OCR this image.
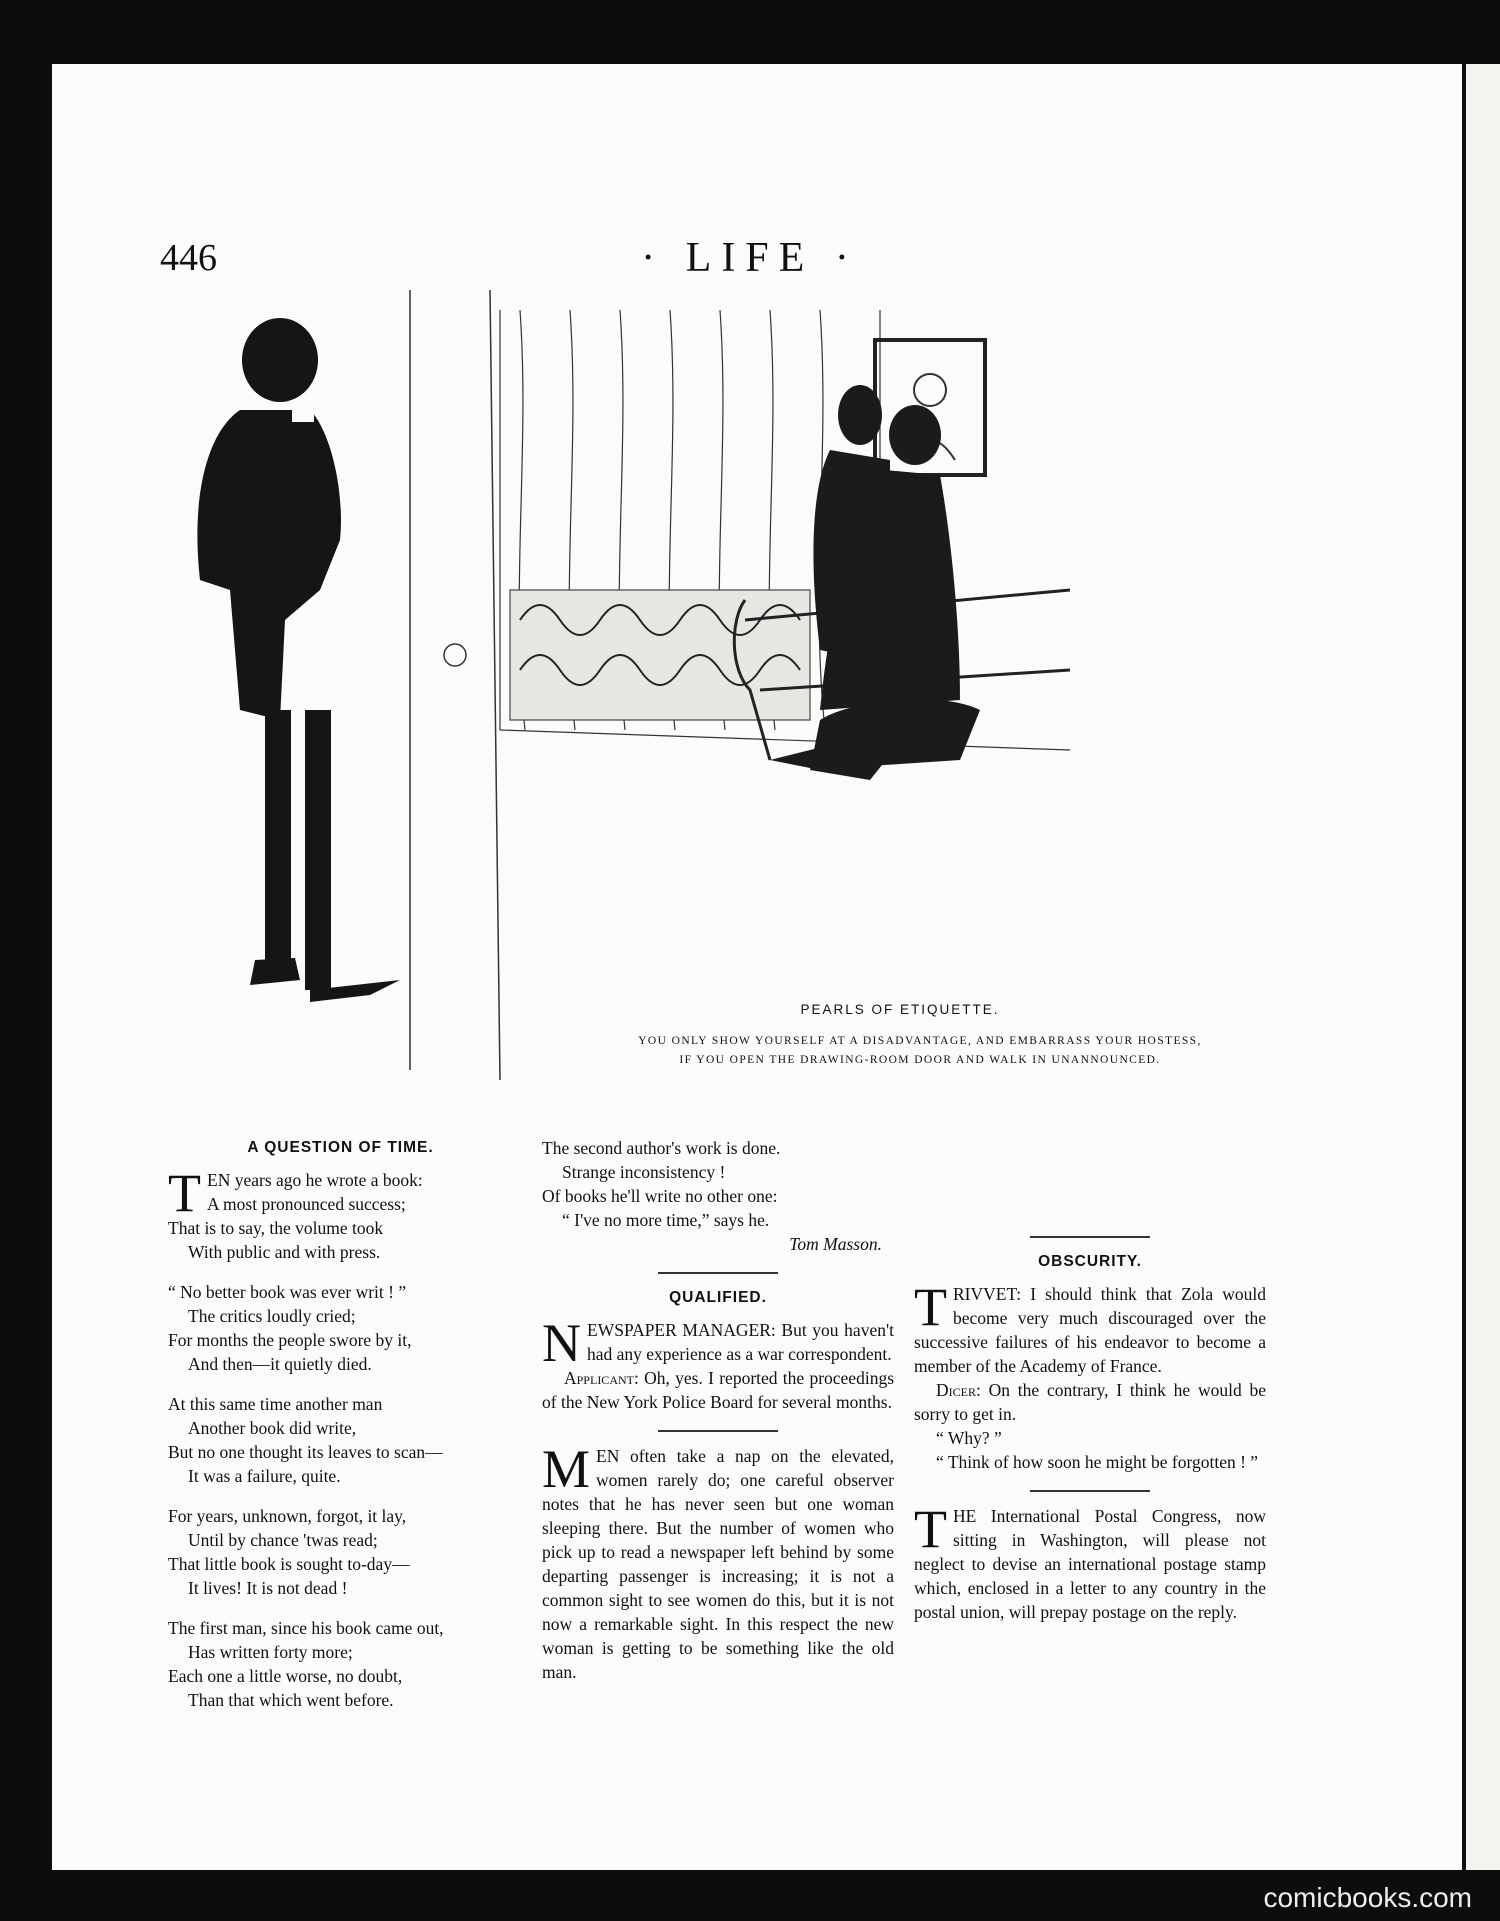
446	· LIFE ·
PEARLS OF ETIQUETTE.
YOU ONLY SHOW YOURSELF AT A DISADVANTAGE, AND EMBARRASS YOUR HOSTESS,
IF YOU OPEN THE DRAWING-ROOM DOOR AND WALK IN UNANNOUNCED.
A QUESTION OF TIME.
T EN years ago he wrote a book:
A most pronounced success;
That is to say, the volume took
With public and with press.
“ No better book was ever writ ! ”
The critics loudly cried;
For months the people swore by it,
And then—it quietly died.
At this same time another man
Another book did write,
But no one thought its leaves to scan—
It was a failure, quite.
For years, unknown, forgot, it lay,
Until by chance 'twas read;
That little book is sought to-day—
It lives! It is not dead !
The first man, since his book came out,
Has written forty more;
Each one a little worse, no doubt,
Than that which went before.
The second author's work is done.
Strange inconsistency !
Of books he'll write no other one:
“ I've no more time,” says he.
Tom Masson.
QUALIFIED.

NEWSPAPER MANAGER: But you haven't had any experience as a war correspondent.

Applicant: Oh, yes. I reported the proceedings of the New York Police Board for several months.

MEN often take a nap on the elevated, women rarely do; one careful observer notes that he has never seen but one woman sleeping there. But the number of women who pick up to read a newspaper left behind by some departing passenger is increasing; it is not a common sight to see women do this, but it is not now a remarkable sight. In this respect the new woman is getting to be something like the old man.

OBSCURITY.

TRIVVET: I should think that Zola would become very much discouraged over the successive failures of his endeavor to become a member of the Academy of France.

Dicer: On the contrary, I think he would be sorry to get in.

“ Why? ”

“ Think of how soon he might be forgotten ! ”

THE International Postal Congress, now sitting in Washington, will please not neglect to devise an international postage stamp which, enclosed in a letter to any country in the postal union, will prepay postage on the reply.

comicbooks.com
